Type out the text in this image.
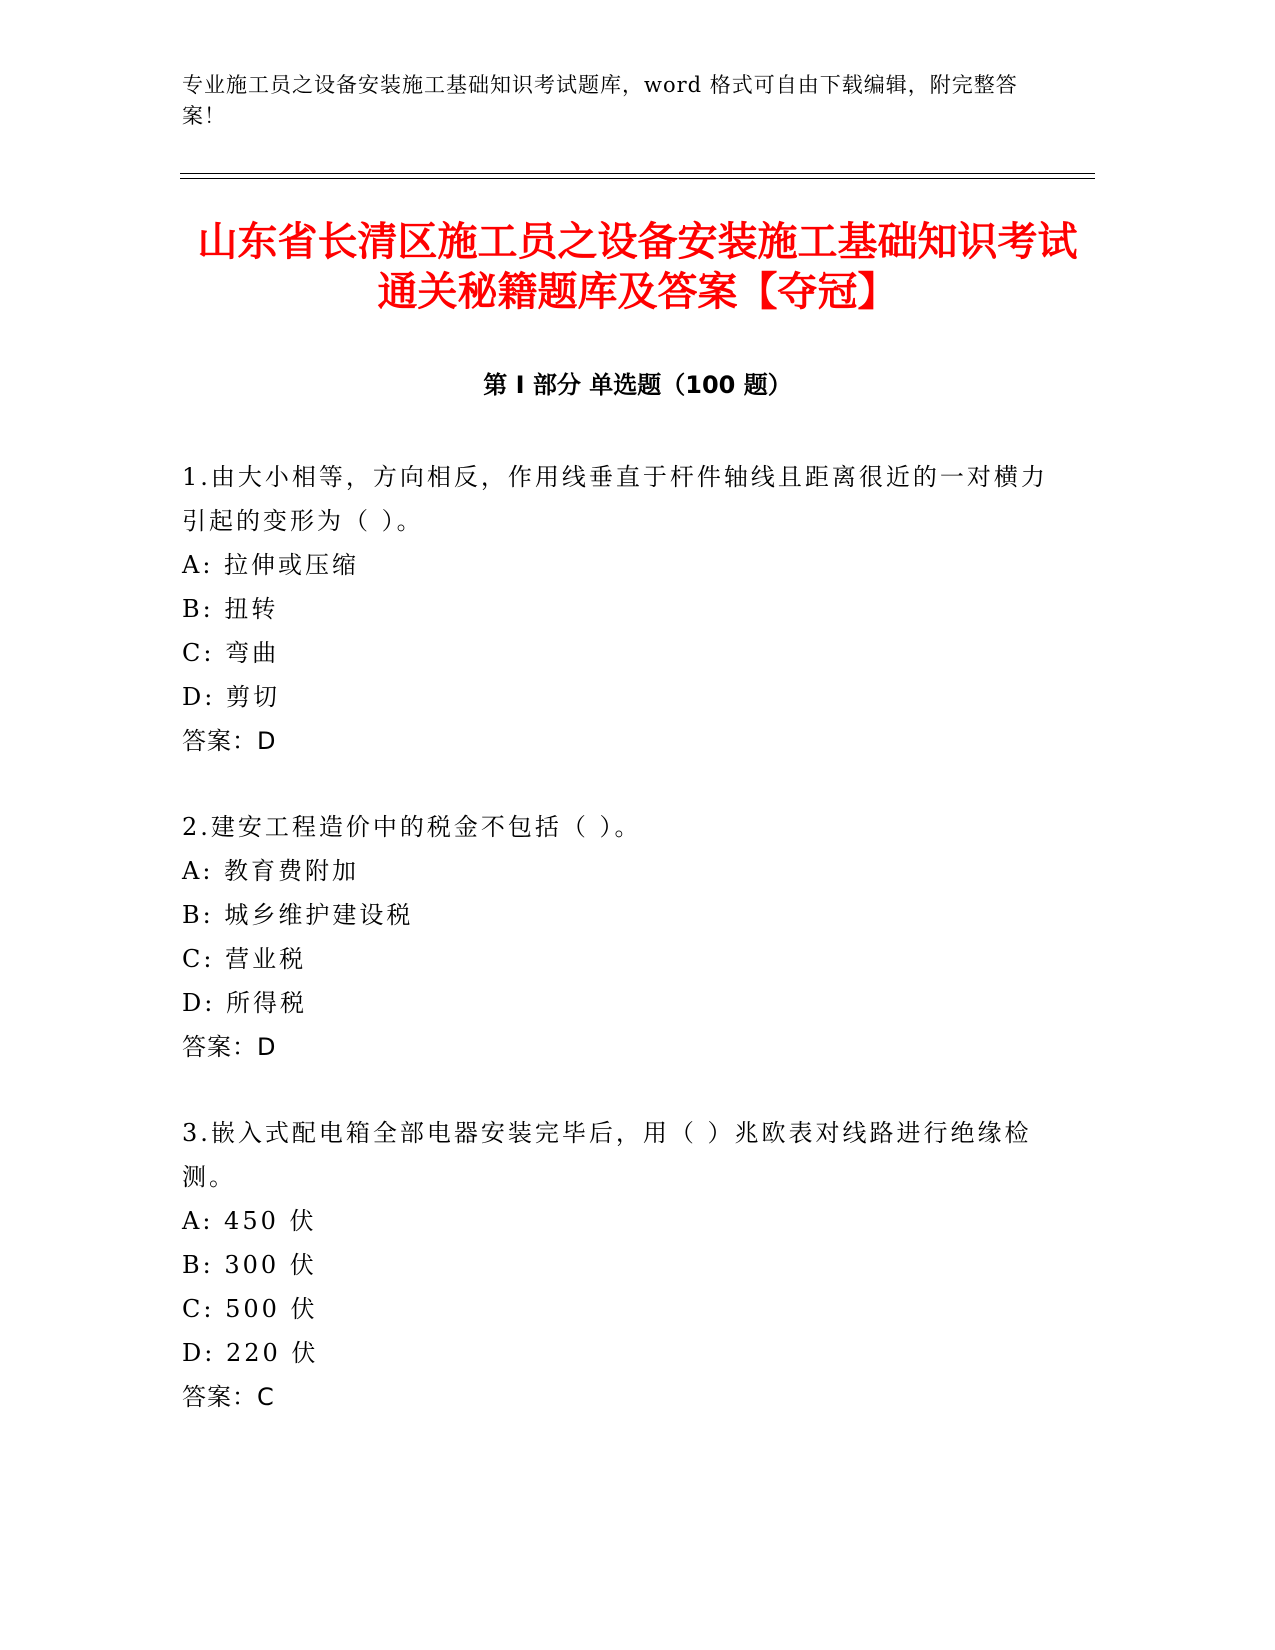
专业施工员之设备安装施工基础知识考试题库，word 格式可自由下载编辑，附完整答案！

山东省长清区施工员之设备安装施工基础知识考试通关秘籍题库及答案【夺冠】
第 I 部分 单选题（100 题）

1.由大小相等，方向相反，作用线垂直于杆件轴线且距离很近的一对横力引起的变形为（ ）。

A: 拉伸或压缩

B: 扭转

C: 弯曲

D: 剪切

答案：D

2.建安工程造价中的税金不包括（ ）。

A: 教育费附加

B: 城乡维护建设税

C: 营业税

D: 所得税

答案：D

3.嵌入式配电箱全部电器安装完毕后，用（ ）兆欧表对线路进行绝缘检测。

A: 450 伏

B: 300 伏

C: 500 伏

D: 220 伏

答案：C
